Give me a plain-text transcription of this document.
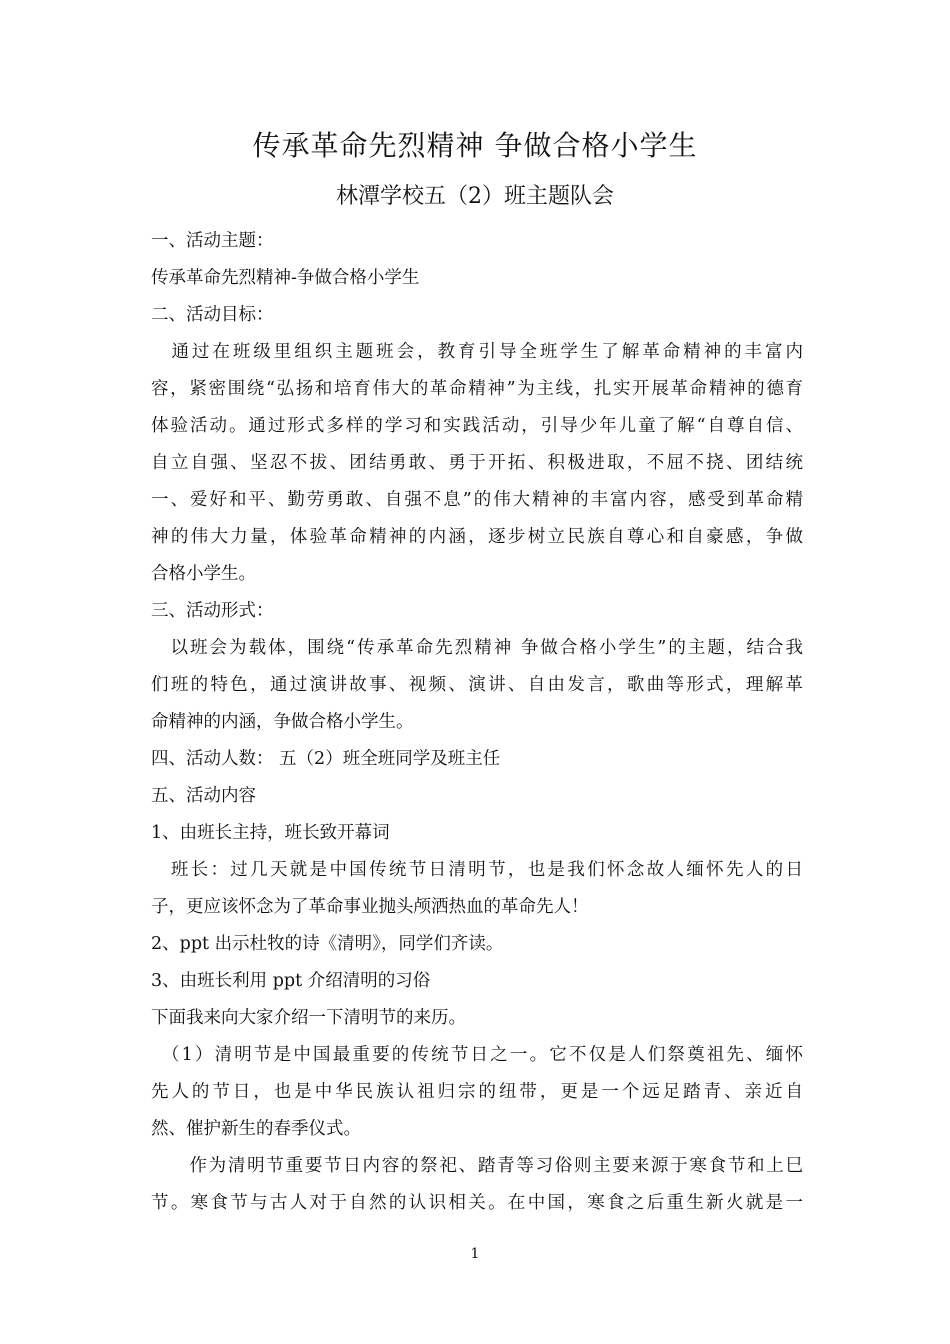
传承革命先烈精神 争做合格小学生
林潭学校五（2）班主题队会

一、活动主题：

传承革命先烈精神-争做合格小学生

二、活动目标：

　通过在班级里组织主题班会，教育引导全班学生了解革命精神的丰富内

容，紧密围绕“弘扬和培育伟大的革命精神”为主线，扎实开展革命精神的德育

体验活动。通过形式多样的学习和实践活动，引导少年儿童了解“自尊自信、

自立自强、坚忍不拔、团结勇敢、勇于开拓、积极进取，不屈不挠、团结统

一、爱好和平、勤劳勇敢、自强不息”的伟大精神的丰富内容，感受到革命精

神的伟大力量，体验革命精神的内涵，逐步树立民族自尊心和自豪感，争做

合格小学生。

三、活动形式：

　以班会为载体，围绕“传承革命先烈精神 争做合格小学生”的主题，结合我

们班的特色，通过演讲故事、视频、演讲、自由发言，歌曲等形式，理解革

命精神的内涵，争做合格小学生。

四、活动人数： 五（2）班全班同学及班主任

五、活动内容

1、由班长主持，班长致开幕词

　班长：过几天就是中国传统节日清明节，也是我们怀念故人缅怀先人的日

子，更应该怀念为了革命事业抛头颅洒热血的革命先人！

2、ppt 出示杜牧的诗《清明》，同学们齐读。

3、由班长利用 ppt 介绍清明的习俗

下面我来向大家介绍一下清明节的来历。

　（1）清明节是中国最重要的传统节日之一。它不仅是人们祭奠祖先、缅怀

先人的节日，也是中华民族认祖归宗的纽带，更是一个远足踏青、亲近自

然、催护新生的春季仪式。

　　作为清明节重要节日内容的祭祀、踏青等习俗则主要来源于寒食节和上巳

节。寒食节与古人对于自然的认识相关。在中国，寒食之后重生新火就是一

1
